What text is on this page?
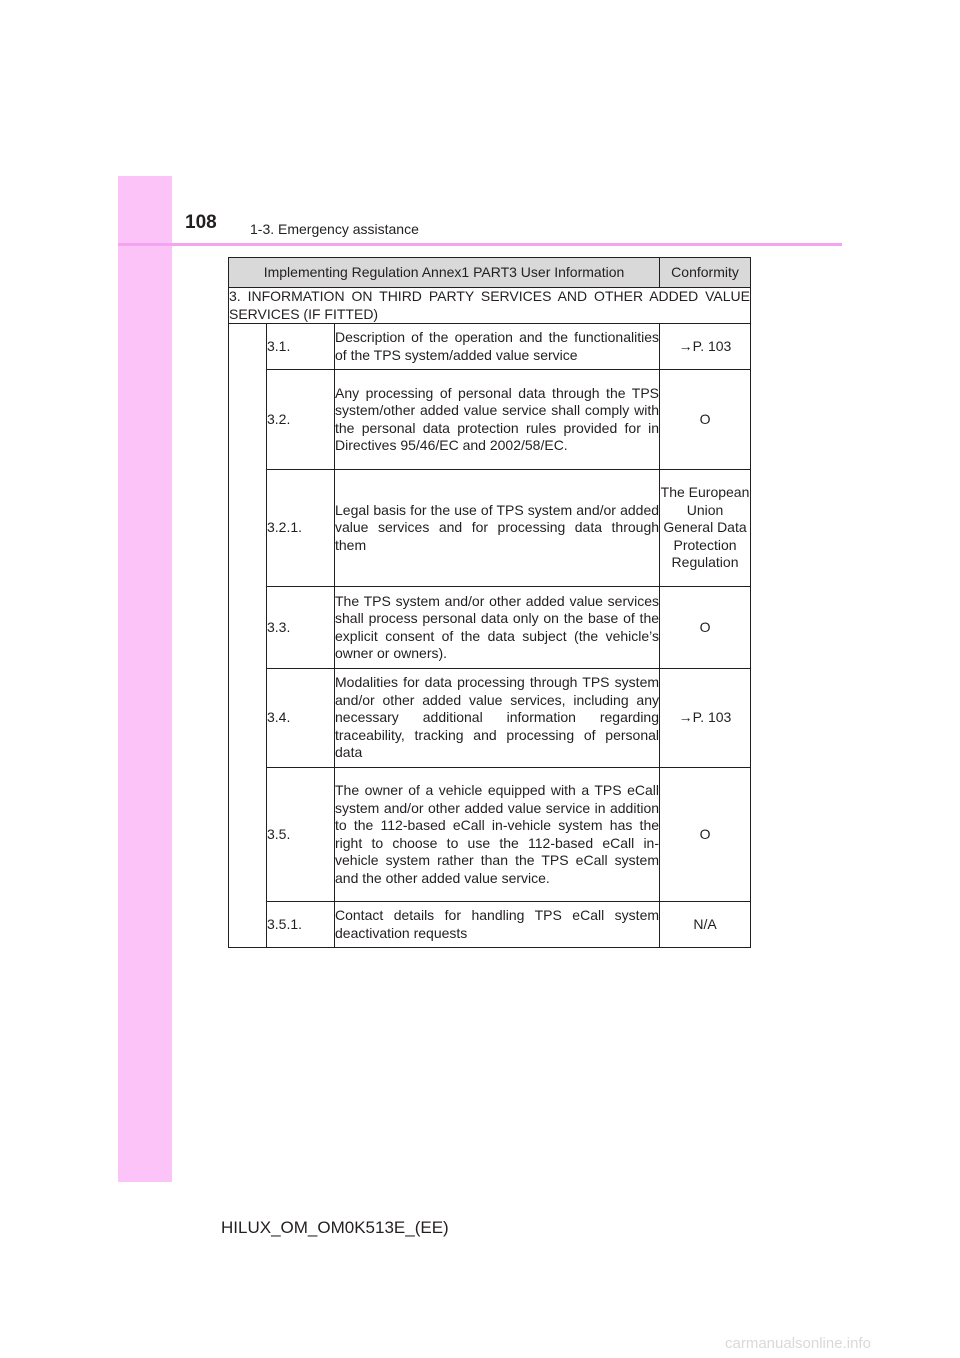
108 1-3. Emergency assistance
Implementing Regulation Annex1 PART3 User Information			Conformity
3. INFORMATION ON THIRD PARTY SERVICES AND OTHER ADDED VALUE SERVICES (IF FITTED)			
	3.1.	Description of the operation and the functionalities of the TPS system/added value service	→P. 103
	3.2.	Any processing of personal data through the TPS system/other added value service shall comply with the personal data protection rules provided for in Directives 95/46/EC and 2002/58/EC.	O
	3.2.1.	Legal basis for the use of TPS system and/or added value services and for processing data through them	The European Union General Data Protection Regulation
	3.3.	The TPS system and/or other added value services shall process personal data only on the base of the explicit consent of the data subject (the vehicle’s owner or owners).	O
	3.4.	Modalities for data processing through TPS system and/or other added value services, including any necessary additional information regarding traceability, tracking and processing of personal data	→P. 103
	3.5.	The owner of a vehicle equipped with a TPS eCall system and/or other added value service in addition to the 112-based eCall in-vehicle system has the right to choose to use the 112-based eCall in-vehicle system rather than the TPS eCall system and the other added value service.	O
	3.5.1.	Contact details for handling TPS eCall system deactivation requests	N/A
HILUX_OM_OM0K513E_(EE)
carmanualsonline.info
